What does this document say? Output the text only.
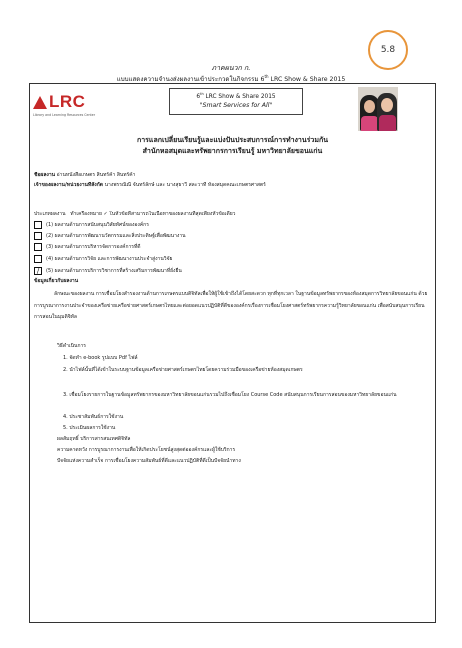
5.8
ภาคผนวก ก.
แบบแสดงความจำนงส่งผลงานเข้าประกวดในกิจกรรม 6th LRC Show & Share 2015
LRC
Library and Learning Resources Center
6th LRC Show & Share 2015
"Smart Services for All"
การแลกเปลี่ยนเรียนรู้และแบ่งปันประสบการณ์การทำงานร่วมกัน
สำนักหอสมุดและทรัพยากรการเรียนรู้ มหาวิทยาลัยขอนแก่น
ชื่อผลงาน อ่านหนังสือเกษตร สินทร์ค้า สินทร์ค้า
เจ้าของผลงาน/หน่วยงานที่สังกัด นางพรรณิณี จันทร์ลักษ์ และ นางสุธาวี สละวาที ห้องสมุดคณะเกษตรศาสตร์
ประเภทผลงาน ทำเครื่องหมาย ✓ ในหัวข้อที่สามารถในเนื้อหาของผลงานที่สุดเพียงหัวข้อเดียว
(1) ผลงานด้านการสนับสนุนวิสัยทัศน์ขององค์กร
(2) ผลงานด้านการพัฒนานวัตกรรมและสิ่งประดิษฐ์เพื่อพัฒนางาน
(3) ผลงานด้านการบริหารจัดการองค์การที่ดี
(4) ผลงานด้านการวิจัย และการพัฒนางานประจำสู่งานวิจัย
/	(5) ผลงานด้านการบริการวิชาการที่สร้างเสริมการพัฒนาที่ยั่งยืน
ข้อมูลเกี่ยวกับผลงาน
ลักษณะของผลงาน การเชื่อมโยงสำรองงานด้านการเกษตรแบบดิจิทัลเพื่อให้ผู้ใช้เข้าถึงได้โดยสะดวก ทุกที่ทุกเวลา ในฐานข้อมูลทรัพยากรของห้องสมุดการวิทยาลัยขอนแก่น ด้วยการบูรณาการงานประจำของเครือข่ายเครือข่ายศาสตร์เกษตรไทยและต่อยอดแนวปฏิบัติที่ดีขององค์กรเรื่องการเชื่อมโยงศาสตร์ทรัพยากรความรู้วิทยาลัยขอนแก่น เพื่อสนับสนุนการเรียนการสอนในมุมดิจิทัล
วิธีดำเนินการ
1. จัดทำ e-book รูปแบบ Pdf ไฟล์
2. นำไฟล์นั้นที่ได้เข้าในระบบฐานข้อมูลเครือข่ายศาสตร์เกษตรไทยโดยความร่วมมือของเครือข่ายห้องสมุดเกษตร
3. เชื่อมโยงรายการในฐานข้อมูลทรัพยากรของมหาวิทยาลัยขอนแก่นรวมไปถึงเชื่อมโยง Course Code สนับสนุนการเรียนการสอนของมหาวิทยาลัยขอนแก่น
4. ประชาสัมพันธ์การใช้งาน
5. ประเมินผลการใช้งาน
ผลสัมฤทธิ์ บริการสารสนเทศดิจิทัล
ความคาดหวัง การบูรณาการงานเพื่อให้เกิดประโยชน์สูงสุดต่อองค์กรและผู้ใช้บริการ
ปัจจัยแห่งความสำเร็จ การเชื่อมโยงความสัมพันธ์ที่ดีและแนวปฏิบัติที่ดีเป็นปัจจัยนำทาง
